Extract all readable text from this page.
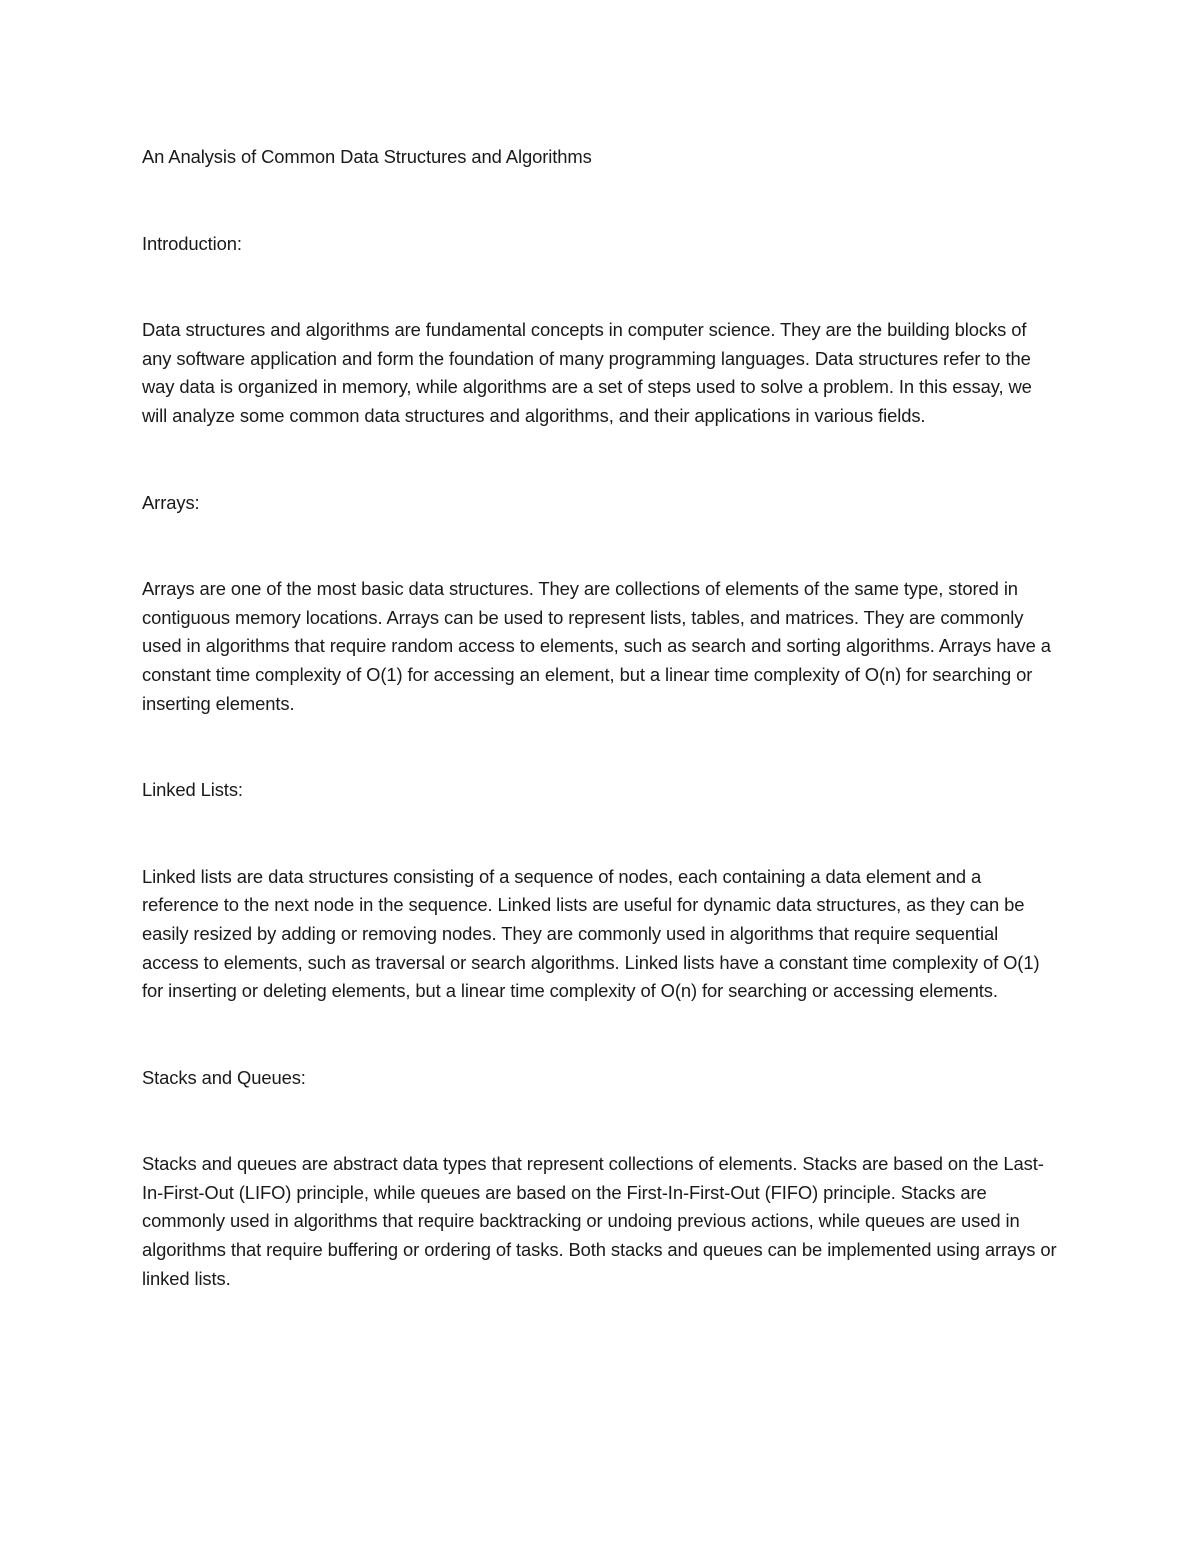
An Analysis of Common Data Structures and Algorithms

Introduction:

Data structures and algorithms are fundamental concepts in computer science. They are the building blocks of any software application and form the foundation of many programming languages. Data structures refer to the way data is organized in memory, while algorithms are a set of steps used to solve a problem. In this essay, we will analyze some common data structures and algorithms, and their applications in various fields.

Arrays:

Arrays are one of the most basic data structures. They are collections of elements of the same type, stored in contiguous memory locations. Arrays can be used to represent lists, tables, and matrices. They are commonly used in algorithms that require random access to elements, such as search and sorting algorithms. Arrays have a constant time complexity of O(1) for accessing an element, but a linear time complexity of O(n) for searching or inserting elements.

Linked Lists:

Linked lists are data structures consisting of a sequence of nodes, each containing a data element and a reference to the next node in the sequence. Linked lists are useful for dynamic data structures, as they can be easily resized by adding or removing nodes. They are commonly used in algorithms that require sequential access to elements, such as traversal or search algorithms. Linked lists have a constant time complexity of O(1) for inserting or deleting elements, but a linear time complexity of O(n) for searching or accessing elements.

Stacks and Queues:

Stacks and queues are abstract data types that represent collections of elements. Stacks are based on the Last-In-First-Out (LIFO) principle, while queues are based on the First-In-First-Out (FIFO) principle. Stacks are commonly used in algorithms that require backtracking or undoing previous actions, while queues are used in algorithms that require buffering or ordering of tasks. Both stacks and queues can be implemented using arrays or linked lists.
